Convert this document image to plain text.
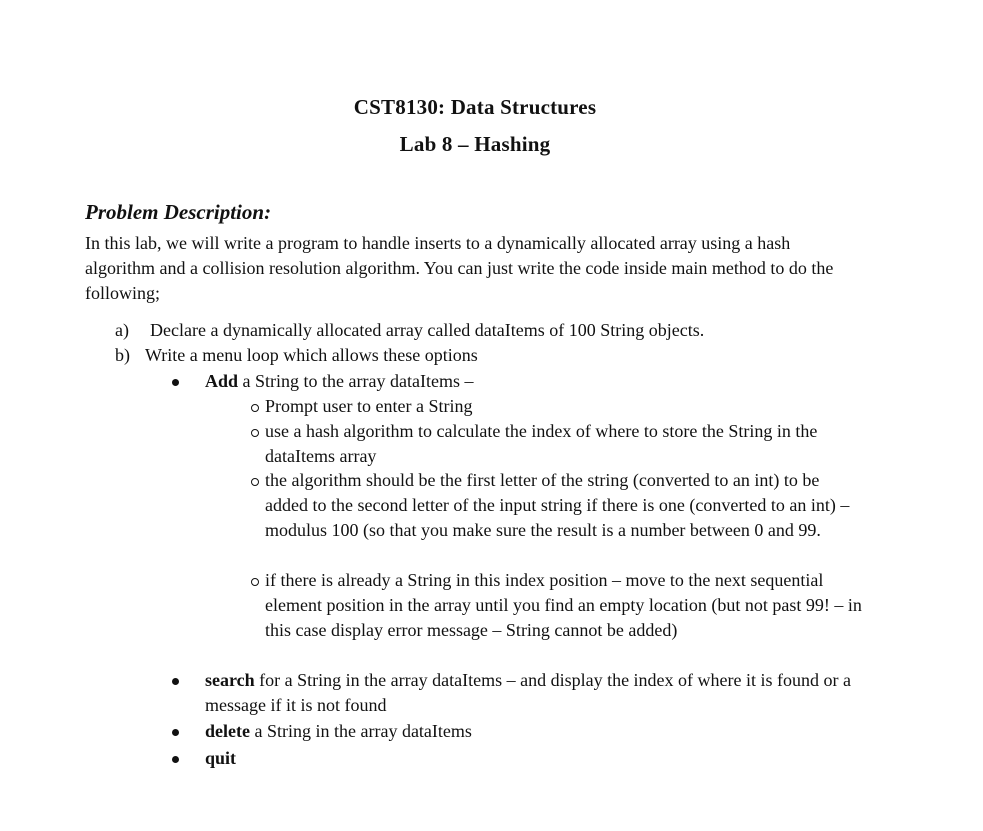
CST8130: Data Structures
Lab 8 – Hashing
Problem Description:

In this lab, we will write a program to handle inserts to a dynamically allocated array using a hash algorithm and a collision resolution algorithm. You can just write the code inside main method to do the following;

a) Declare a dynamically allocated array called dataItems of 100 String objects.
b) Write a menu loop which allows these options
Add a String to the array dataItems –
Prompt user to enter a String
use a hash algorithm to calculate the index of where to store the String in the dataItems array
the algorithm should be the first letter of the string (converted to an int) to be added to the second letter of the input string if there is one (converted to an int) – modulus 100 (so that you make sure the result is a number between 0 and 99.
if there is already a String in this index position – move to the next sequential element position in the array until you find an empty location (but not past 99! – in this case display error message – String cannot be added)
search for a String in the array dataItems – and display the index of where it is found or a message if it is not found
delete a String in the array dataItems
quit
